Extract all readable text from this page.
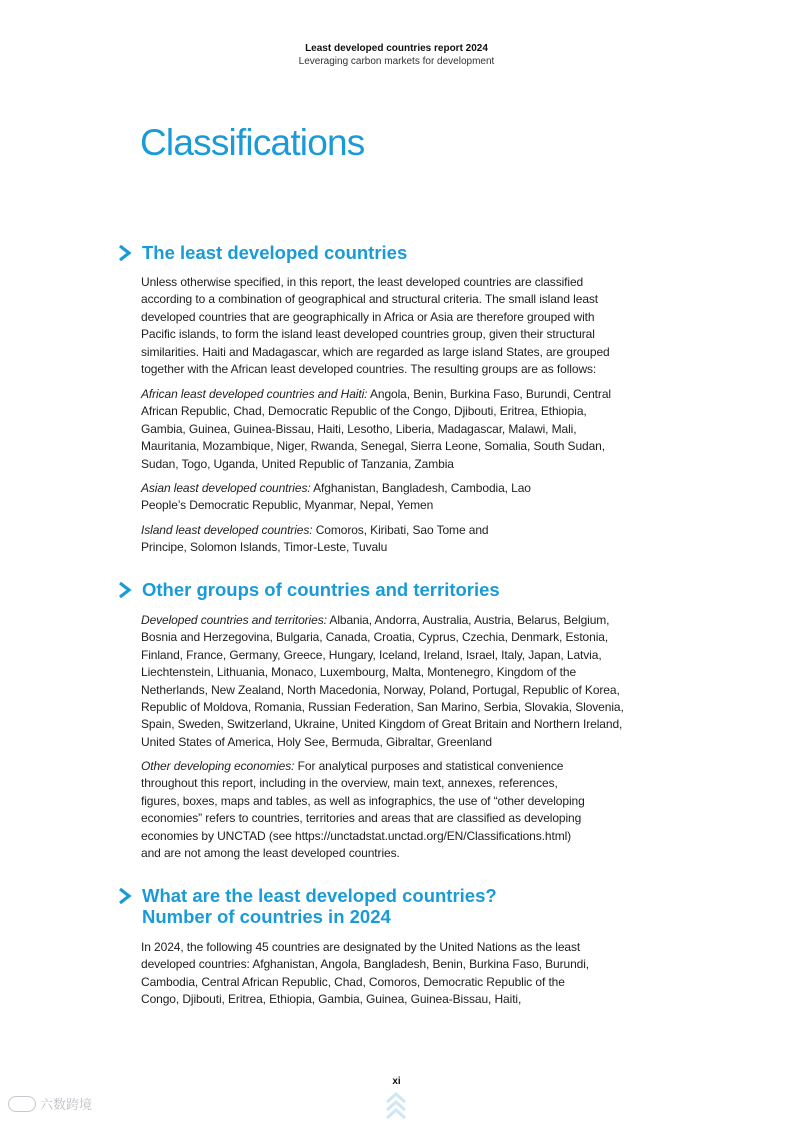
Least developed countries report 2024
Leveraging carbon markets for development
Classifications
The least developed countries

Unless otherwise specified, in this report, the least developed countries are classified according to a combination of geographical and structural criteria. The small island least developed countries that are geographically in Africa or Asia are therefore grouped with Pacific islands, to form the island least developed countries group, given their structural similarities. Haiti and Madagascar, which are regarded as large island States, are grouped together with the African least developed countries. The resulting groups are as follows:

African least developed countries and Haiti: Angola, Benin, Burkina Faso, Burundi, Central African Republic, Chad, Democratic Republic of the Congo, Djibouti, Eritrea, Ethiopia, Gambia, Guinea, Guinea-Bissau, Haiti, Lesotho, Liberia, Madagascar, Malawi, Mali, Mauritania, Mozambique, Niger, Rwanda, Senegal, Sierra Leone, Somalia, South Sudan, Sudan, Togo, Uganda, United Republic of Tanzania, Zambia

Asian least developed countries: Afghanistan, Bangladesh, Cambodia, Lao People’s Democratic Republic, Myanmar, Nepal, Yemen

Island least developed countries: Comoros, Kiribati, Sao Tome and Principe, Solomon Islands, Timor-Leste, Tuvalu

Other groups of countries and territories

Developed countries and territories: Albania, Andorra, Australia, Austria, Belarus, Belgium, Bosnia and Herzegovina, Bulgaria, Canada, Croatia, Cyprus, Czechia, Denmark, Estonia, Finland, France, Germany, Greece, Hungary, Iceland, Ireland, Israel, Italy, Japan, Latvia, Liechtenstein, Lithuania, Monaco, Luxembourg, Malta, Montenegro, Kingdom of the Netherlands, New Zealand, North Macedonia, Norway, Poland, Portugal, Republic of Korea, Republic of Moldova, Romania, Russian Federation, San Marino, Serbia, Slovakia, Slovenia, Spain, Sweden, Switzerland, Ukraine, United Kingdom of Great Britain and Northern Ireland, United States of America, Holy See, Bermuda, Gibraltar, Greenland

Other developing economies: For analytical purposes and statistical convenience throughout this report, including in the overview, main text, annexes, references, figures, boxes, maps and tables, as well as infographics, the use of “other developing economies” refers to countries, territories and areas that are classified as developing economies by UNCTAD (see https://unctadstat.unctad.org/EN/Classifications.html) and are not among the least developed countries.

What are the least developed countries?
Number of countries in 2024

In 2024, the following 45 countries are designated by the United Nations as the least developed countries: Afghanistan, Angola, Bangladesh, Benin, Burkina Faso, Burundi, Cambodia, Central African Republic, Chad, Comoros, Democratic Republic of the Congo, Djibouti, Eritrea, Ethiopia, Gambia, Guinea, Guinea-Bissau, Haiti,

xi
六数跨境
